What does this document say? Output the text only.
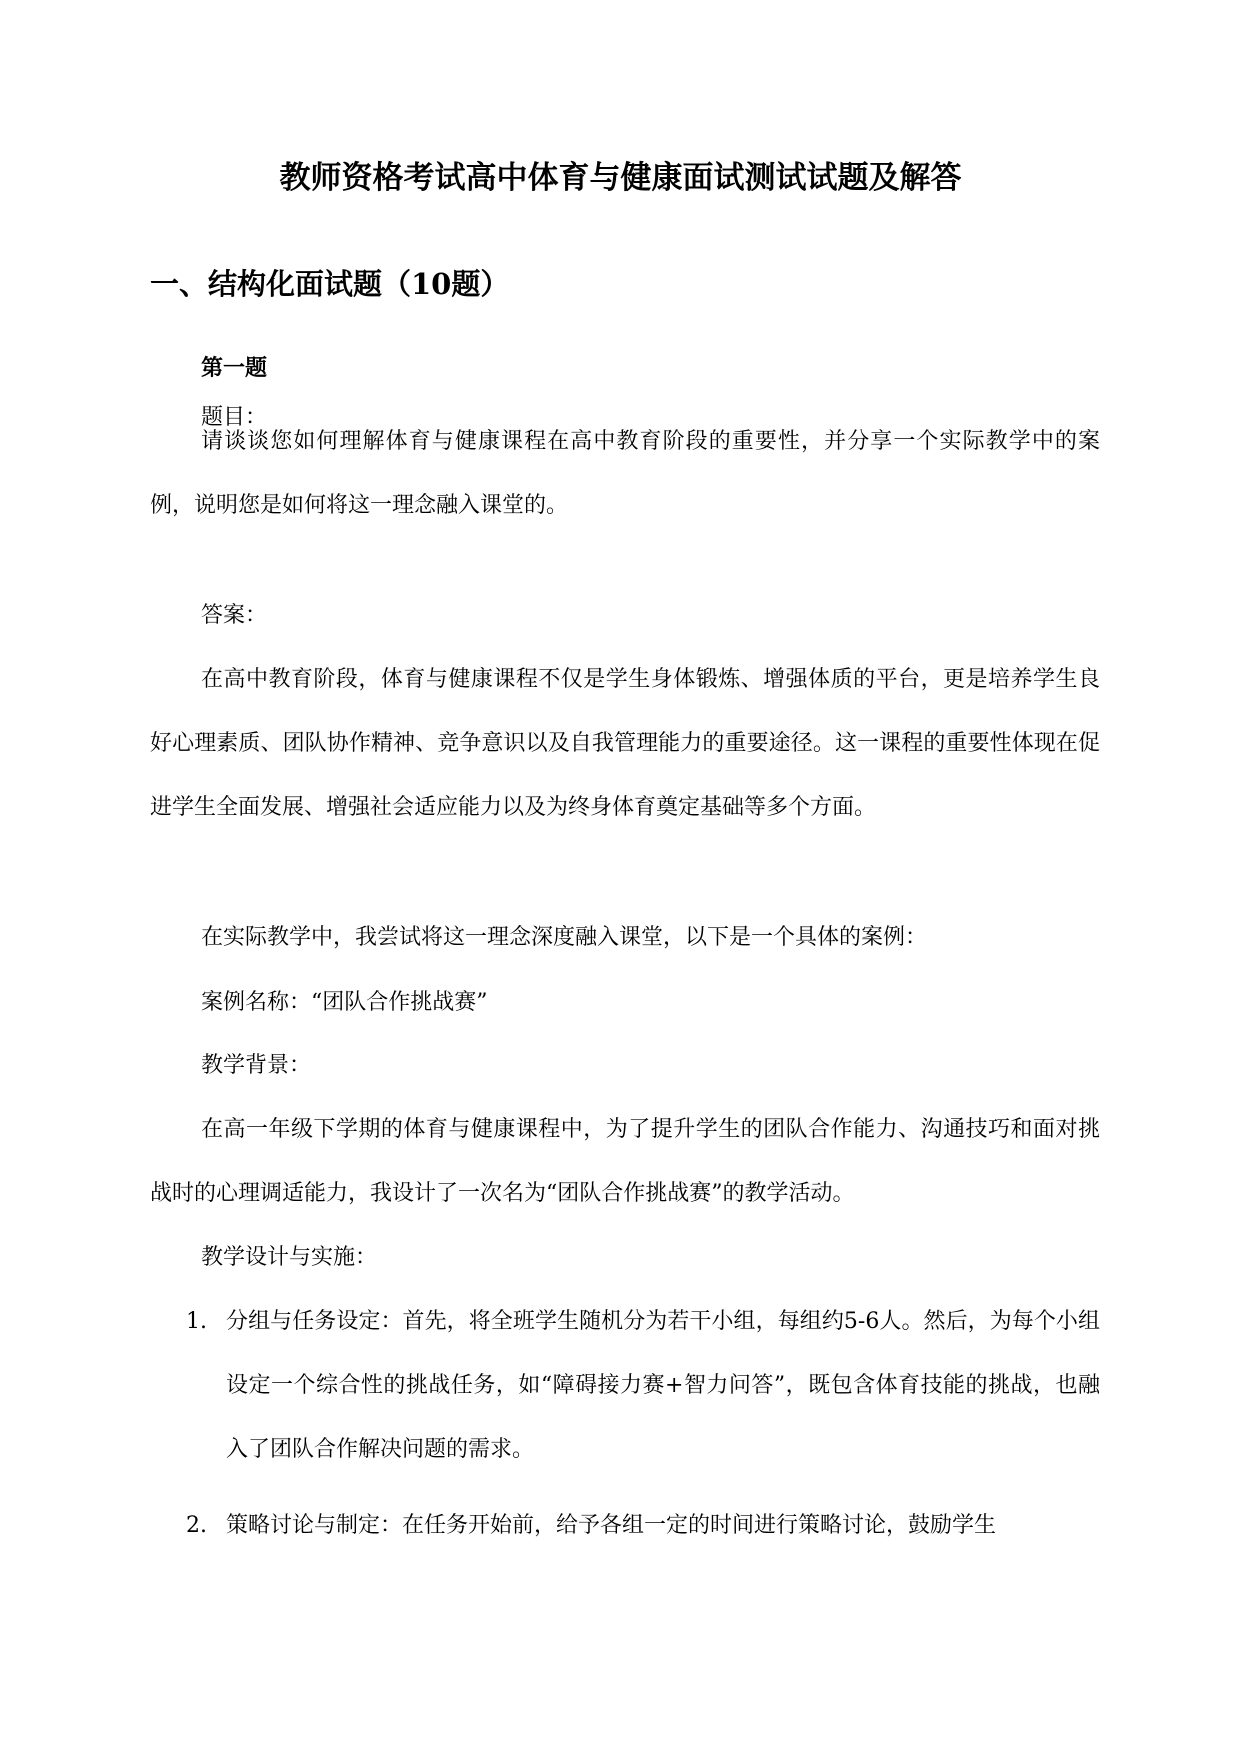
教师资格考试高中体育与健康面试测试试题及解答
一、结构化面试题（10题）
第一题
题目：
请谈谈您如何理解体育与健康课程在高中教育阶段的重要性，并分享一个实际教学中的案例，说明您是如何将这一理念融入课堂的。
答案：
在高中教育阶段，体育与健康课程不仅是学生身体锻炼、增强体质的平台，更是培养学生良好心理素质、团队协作精神、竞争意识以及自我管理能力的重要途径。这一课程的重要性体现在促进学生全面发展、增强社会适应能力以及为终身体育奠定基础等多个方面。
在实际教学中，我尝试将这一理念深度融入课堂，以下是一个具体的案例：
案例名称：“团队合作挑战赛”
教学背景：
在高一年级下学期的体育与健康课程中，为了提升学生的团队合作能力、沟通技巧和面对挑战时的心理调适能力，我设计了一次名为“团队合作挑战赛”的教学活动。
教学设计与实施：
1. 分组与任务设定：首先，将全班学生随机分为若干小组，每组约5-6人。然后，为每个小组设定一个综合性的挑战任务，如“障碍接力赛+智力问答”，既包含体育技能的挑战，也融入了团队合作解决问题的需求。
2. 策略讨论与制定：在任务开始前，给予各组一定的时间进行策略讨论，鼓励学生
